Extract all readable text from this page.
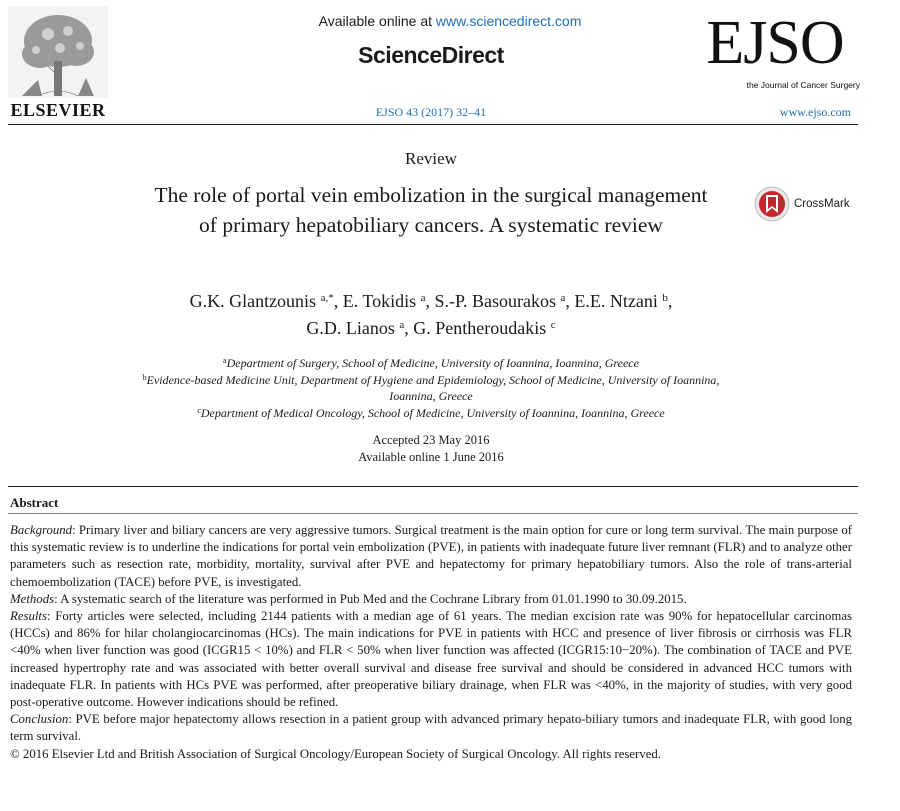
ELSEVIER
Available online at www.sciencedirect.com
ScienceDirect
EJSO 43 (2017) 32–41
EJSO
the Journal of Cancer Surgery
www.ejso.com
Review
The role of portal vein embolization in the surgical management of primary hepatobiliary cancers. A systematic review
CrossMark
G.K. Glantzounis $^{a,*}$, E. Tokidis $^a$, S.-P. Basourakos $^a$, E.E. Ntzani $^b$,
G.D. Lianos $^a$, G. Pentheroudakis $^c$
$^a$Department of Surgery, School of Medicine, University of Ioannina, Ioannina, Greece
$^b$Evidence-based Medicine Unit, Department of Hygiene and Epidemiology, School of Medicine, University of Ioannina, Ioannina, Greece
$^c$Department of Medical Oncology, School of Medicine, University of Ioannina, Ioannina, Greece
Accepted 23 May 2016
Available online 1 June 2016
Abstract

Background: Primary liver and biliary cancers are very aggressive tumors. Surgical treatment is the main option for cure or long term survival. The main purpose of this systematic review is to underline the indications for portal vein embolization (PVE), in patients with inadequate future liver remnant (FLR) and to analyze other parameters such as resection rate, morbidity, mortality, survival after PVE and hepatectomy for primary hepatobiliary tumors. Also the role of trans-arterial chemoembolization (TACE) before PVE, is investigated.

Methods: A systematic search of the literature was performed in Pub Med and the Cochrane Library from 01.01.1990 to 30.09.2015.

Results: Forty articles were selected, including 2144 patients with a median age of 61 years. The median excision rate was 90% for hepatocellular carcinomas (HCCs) and 86% for hilar cholangiocarcinomas (HCs). The main indications for PVE in patients with HCC and presence of liver fibrosis or cirrhosis was FLR <40% when liver function was good (ICGR15 < 10%) and FLR < 50% when liver function was affected (ICGR15:10−20%). The combination of TACE and PVE increased hypertrophy rate and was associated with better overall survival and disease free survival and should be considered in advanced HCC tumors with inadequate FLR. In patients with HCs PVE was performed, after preoperative biliary drainage, when FLR was <40%, in the majority of studies, with very good post-operative outcome. However indications should be refined.

Conclusion: PVE before major hepatectomy allows resection in a patient group with advanced primary hepato-biliary tumors and inadequate FLR, with good long term survival.

© 2016 Elsevier Ltd and British Association of Surgical Oncology/European Society of Surgical Oncology. All rights reserved.
